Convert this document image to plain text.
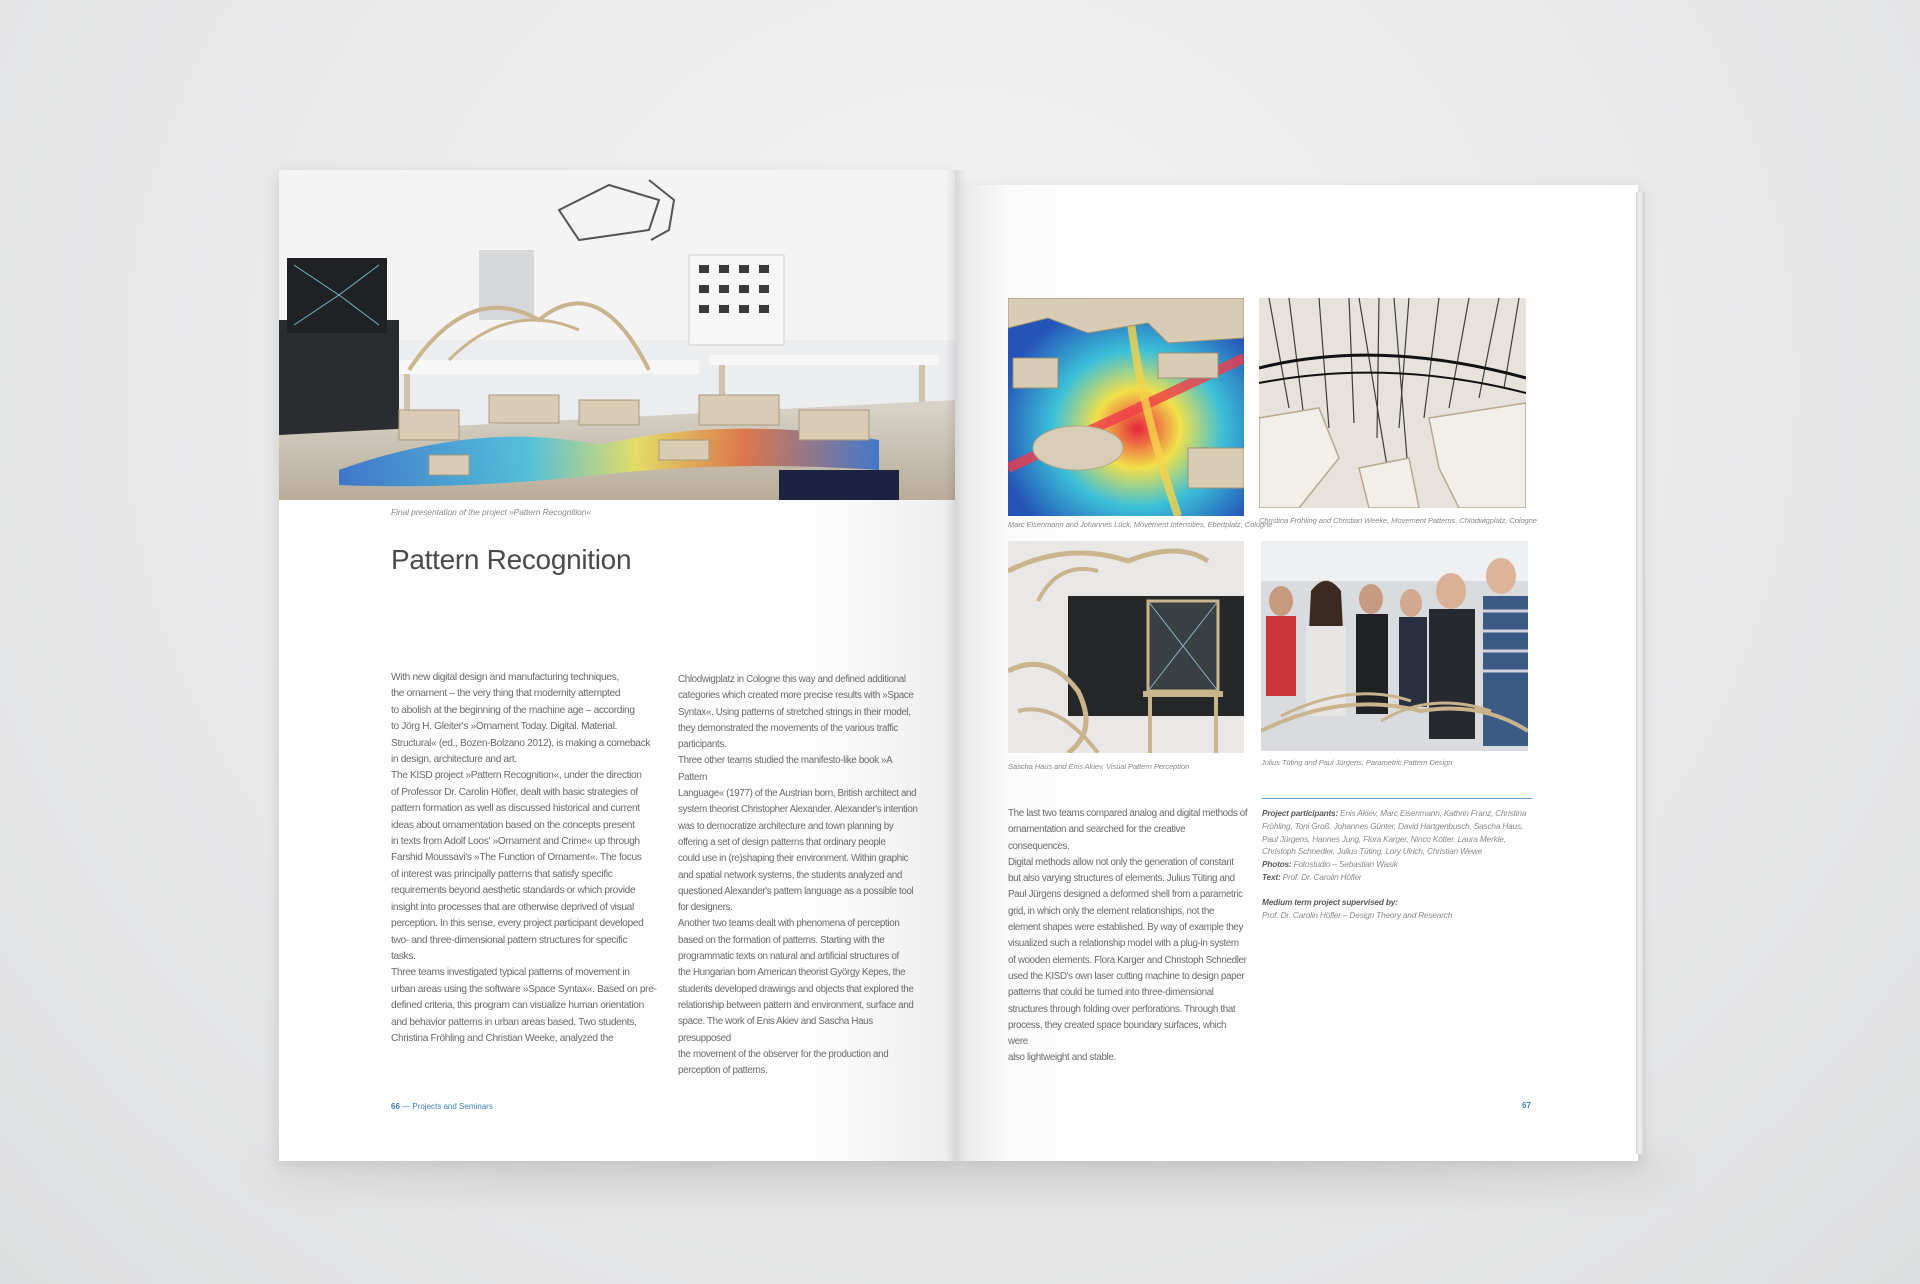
Final presentation of the project »Pattern Recognition«
Pattern Recognition

With new digital design and manufacturing techniques,
the ornament – the very thing that modernity attempted
to abolish at the beginning of the machine age – according
to Jörg H. Gleiter's »Ornament Today. Digital. Material.
Structural« (ed., Bozen-Bolzano 2012), is making a comeback
in design, architecture and art.
The KISD project »Pattern Recognition«, under the direction
of Professor Dr. Carolin Höfler, dealt with basic strategies of
pattern formation as well as discussed historical and current
ideas about ornamentation based on the concepts present
in texts from Adolf Loos' »Ornament and Crime« up through
Farshid Moussavi's »The Function of Ornament«. The focus
of interest was principally patterns that satisfy specific
requirements beyond aesthetic standards or which provide
insight into processes that are otherwise deprived of visual
perception. In this sense, every project participant developed
two- and three-dimensional pattern structures for specific
tasks.
Three teams investigated typical patterns of movement in
urban areas using the software »Space Syntax«. Based on pre-
defined criteria, this program can visualize human orientation
and behavior patterns in urban areas based. Two students,
Christina Fröhling and Christian Weeke, analyzed the

Chlodwigplatz in Cologne this way and defined additional
categories which created more precise results with »Space
Syntax«. Using patterns of stretched strings in their model,
they demonstrated the movements of the various traffic
participants.
Three other teams studied the manifesto-like book »A Pattern
Language« (1977) of the Austrian born, British architect and
system theorist Christopher Alexander. Alexander's intention
was to democratize architecture and town planning by
offering a set of design patterns that ordinary people
could use in (re)shaping their environment. Within graphic
and spatial network systems, the students analyzed and
questioned Alexander's pattern language as a possible tool
for designers.
Another two teams dealt with phenomena of perception
based on the formation of patterns. Starting with the
programmatic texts on natural and artificial structures of
the Hungarian born American theorist György Kepes, the
students developed drawings and objects that explored the
relationship between pattern and environment, surface and
space. The work of Enis Akiev and Sascha Haus presupposed
the movement of the observer for the production and
perception of patterns.

66 — Projects and Seminars
Marc Eisenmann and Johannes Lück, Movement Intensities, Ebertplatz, Cologne
Christina Fröhling and Christian Weeke, Movement Patterns, Chlodwigplatz, Cologne
Sascha Haus and Enis Akiev, Visual Pattern Perception	Julius Tüting and Paul Jürgens, Parametric Pattern Design

The last two teams compared analog and digital methods of
ornamentation and searched for the creative consequences.
Digital methods allow not only the generation of constant
but also varying structures of elements. Julius Tüting and
Paul Jürgens designed a deformed shell from a parametric
grid, in which only the element relationships, not the
element shapes were established. By way of example they
visualized such a relationship model with a plug-in system
of wooden elements. Flora Karger and Christoph Schnedler
used the KISD's own laser cutting machine to design paper
patterns that could be turned into three-dimensional
structures through folding over perforations. Through that
process, they created space boundary surfaces, which were
also lightweight and stable.

Project participants: Enis Akiev, Marc Eisenmann, Kathrin Franz, Christina Fröhling, Toni Groß, Johannes Günter, David Hartgenbusch, Sascha Haus, Paul Jürgens, Hannes Jung, Flora Karger, Ninco Kötter, Laura Merkle, Christoph Schnedler, Julius Tüting, Lory Ulrich, Christian Wewe
Photos: Fotostudio – Sebastian Wasik
Text: Prof. Dr. Carolin Höfler
Medium term project supervised by:
Prof. Dr. Carolin Höfler – Design Theory and Research
67
